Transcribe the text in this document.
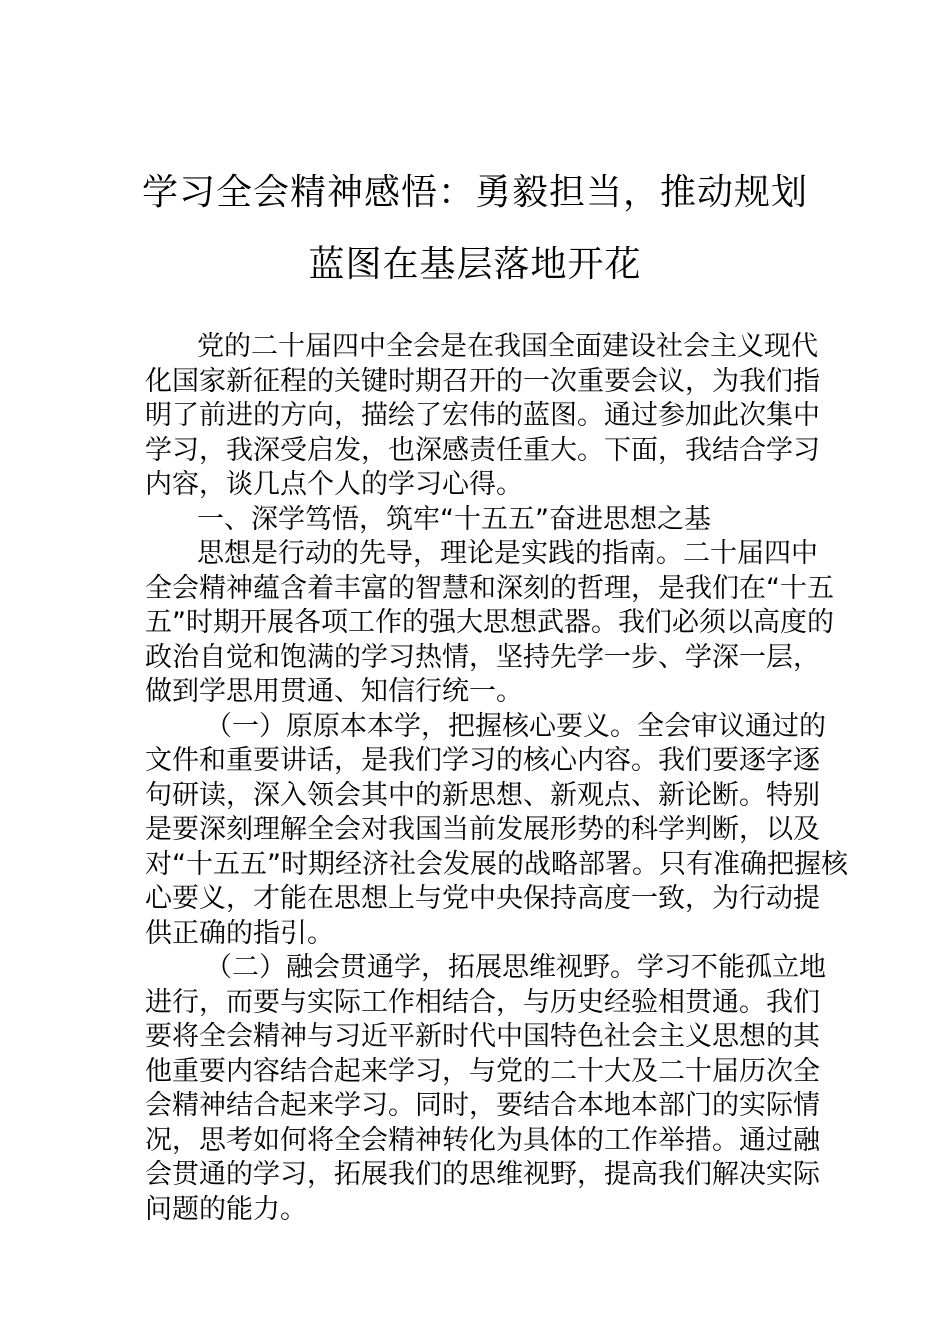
学习全会精神感悟：勇毅担当，推动规划
蓝图在基层落地开花
党的二十届四中全会是在我国全面建设社会主义现代
化国家新征程的关键时期召开的一次重要会议，为我们指
明了前进的方向，描绘了宏伟的蓝图。通过参加此次集中
学习，我深受启发，也深感责任重大。下面，我结合学习
内容，谈几点个人的学习心得。
一、深学笃悟，筑牢“十五五”奋进思想之基
思想是行动的先导，理论是实践的指南。二十届四中
全会精神蕴含着丰富的智慧和深刻的哲理，是我们在“十五
五”时期开展各项工作的强大思想武器。我们必须以高度的
政治自觉和饱满的学习热情，坚持先学一步、学深一层，
做到学思用贯通、知信行统一。
（一）原原本本学，把握核心要义。全会审议通过的
文件和重要讲话，是我们学习的核心内容。我们要逐字逐
句研读，深入领会其中的新思想、新观点、新论断。特别
是要深刻理解全会对我国当前发展形势的科学判断，以及
对“十五五”时期经济社会发展的战略部署。只有准确把握核
心要义，才能在思想上与党中央保持高度一致，为行动提
供正确的指引。
（二）融会贯通学，拓展思维视野。学习不能孤立地
进行，而要与实际工作相结合，与历史经验相贯通。我们
要将全会精神与习近平新时代中国特色社会主义思想的其
他重要内容结合起来学习，与党的二十大及二十届历次全
会精神结合起来学习。同时，要结合本地本部门的实际情
况，思考如何将全会精神转化为具体的工作举措。通过融
会贯通的学习，拓展我们的思维视野，提高我们解决实际
问题的能力。
